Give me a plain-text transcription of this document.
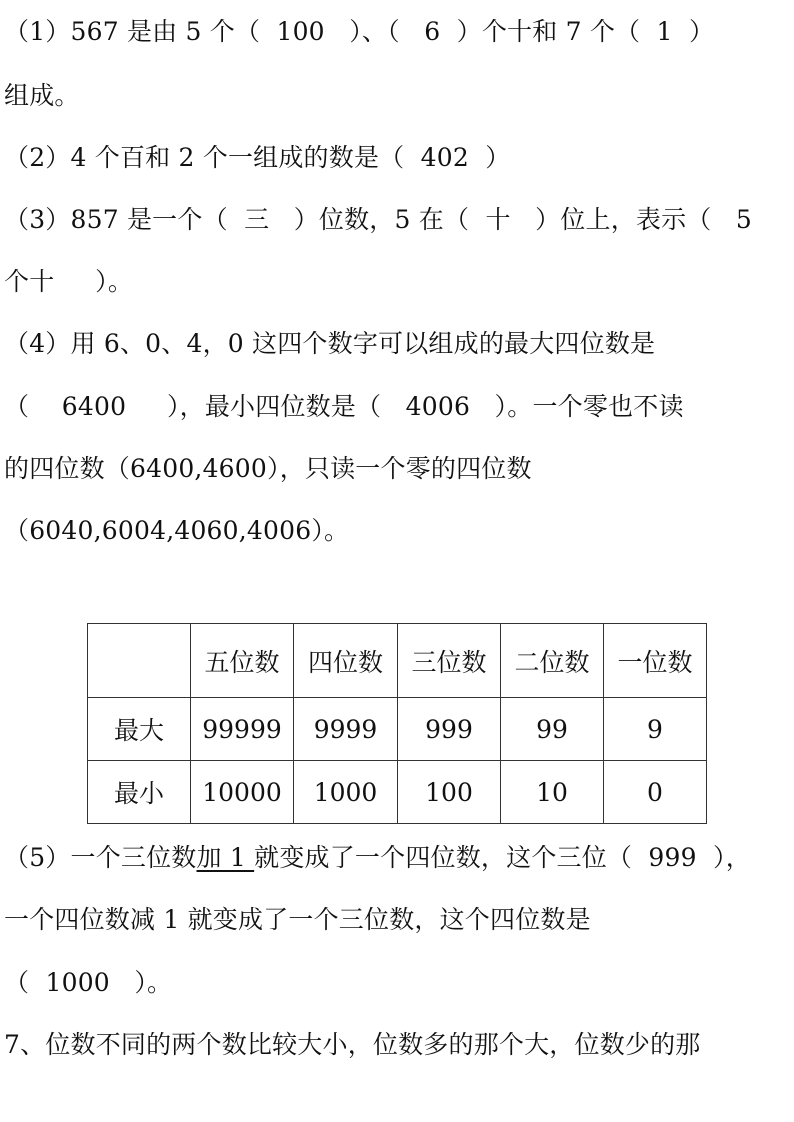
（1）567 是由 5 个（  100   ）、（   6  ）个十和 7 个（  1  ）
组成。
（2）4 个百和 2 个一组成的数是（  402  ）
（3）857 是一个（  三   ）位数，5 在（  十   ）位上，表示（   5
个十     ）。
（4）用 6、0、4，0 这四个数字可以组成的最大四位数是
（    6400     ），最小四位数是（   4006   ）。一个零也不读
的四位数（6400,4600），只读一个零的四位数
（6040,6004,4060,4006）。
	五位数	四位数	三位数	二位数	一位数
最大	99999	9999	999	99	9
最小	10000	1000	100	10	0
（5）一个三位数加 1 就变成了一个四位数，这个三位（  999  ），
一个四位数减 1 就变成了一个三位数，这个四位数是
（  1000   ）。
7、位数不同的两个数比较大小，位数多的那个大，位数少的那
